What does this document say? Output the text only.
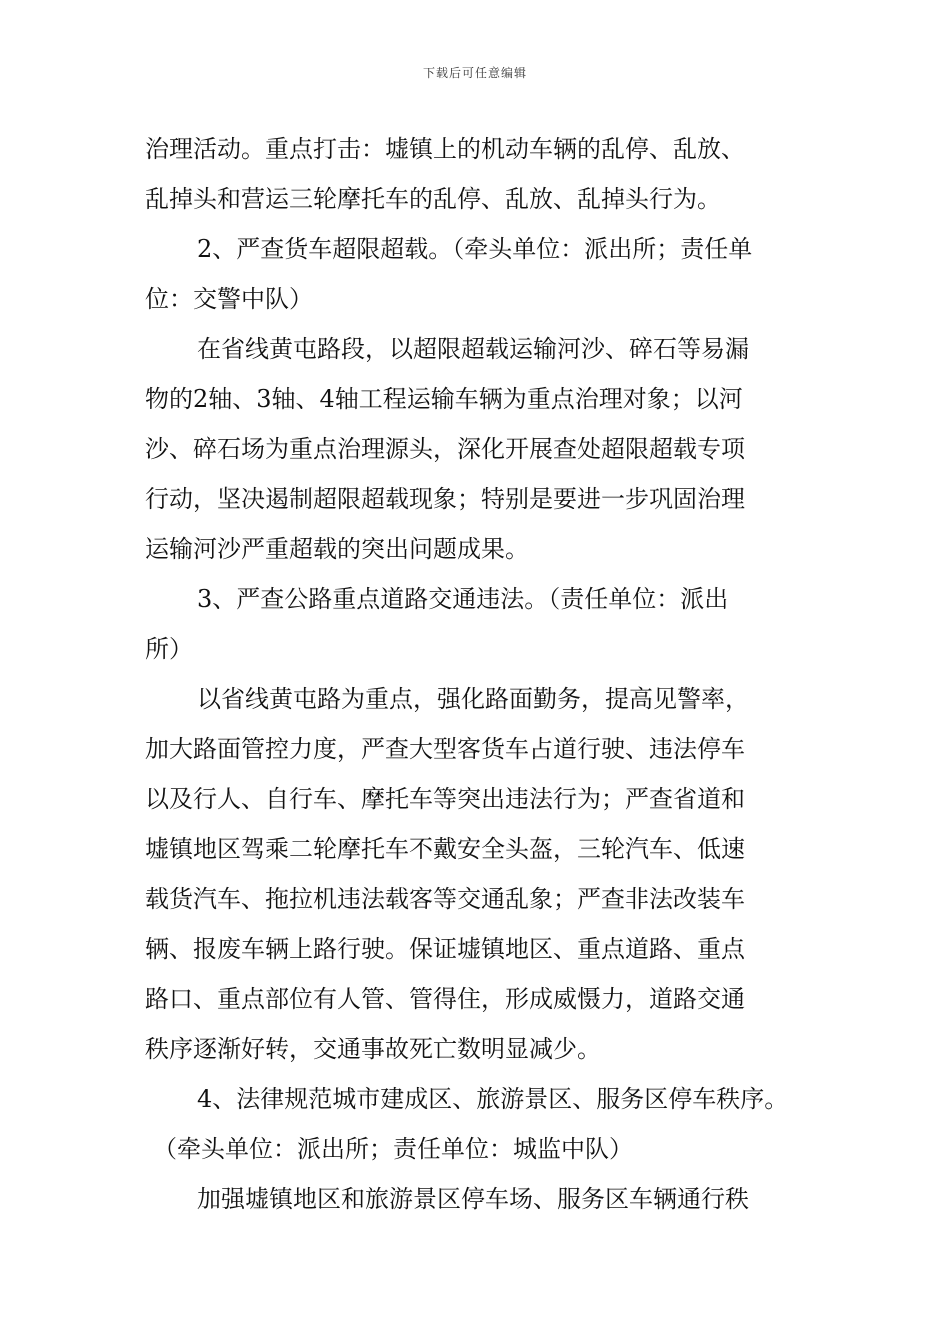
下载后可任意编辑
治理活动。重点打击：墟镇上的机动车辆的乱停、乱放、
乱掉头和营运三轮摩托车的乱停、乱放、乱掉头行为。
2、严查货车超限超载。（牵头单位：派出所；责任单
位：交警中队）
在省线黄屯路段，以超限超载运输河沙、碎石等易漏
物的2轴、3轴、4轴工程运输车辆为重点治理对象；以河
沙、碎石场为重点治理源头，深化开展查处超限超载专项
行动，坚决遏制超限超载现象；特别是要进一步巩固治理
运输河沙严重超载的突出问题成果。
3、严查公路重点道路交通违法。（责任单位：派出
所）
以省线黄屯路为重点，强化路面勤务，提高见警率，
加大路面管控力度，严查大型客货车占道行驶、违法停车
以及行人、自行车、摩托车等突出违法行为；严查省道和
墟镇地区驾乘二轮摩托车不戴安全头盔，三轮汽车、低速
载货汽车、拖拉机违法载客等交通乱象；严查非法改装车
辆、报废车辆上路行驶。保证墟镇地区、重点道路、重点
路口、重点部位有人管、管得住，形成威慑力，道路交通
秩序逐渐好转，交通事故死亡数明显减少。
4、法律规范城市建成区、旅游景区、服务区停车秩序。
（牵头单位：派出所；责任单位：城监中队）
加强墟镇地区和旅游景区停车场、服务区车辆通行秩
